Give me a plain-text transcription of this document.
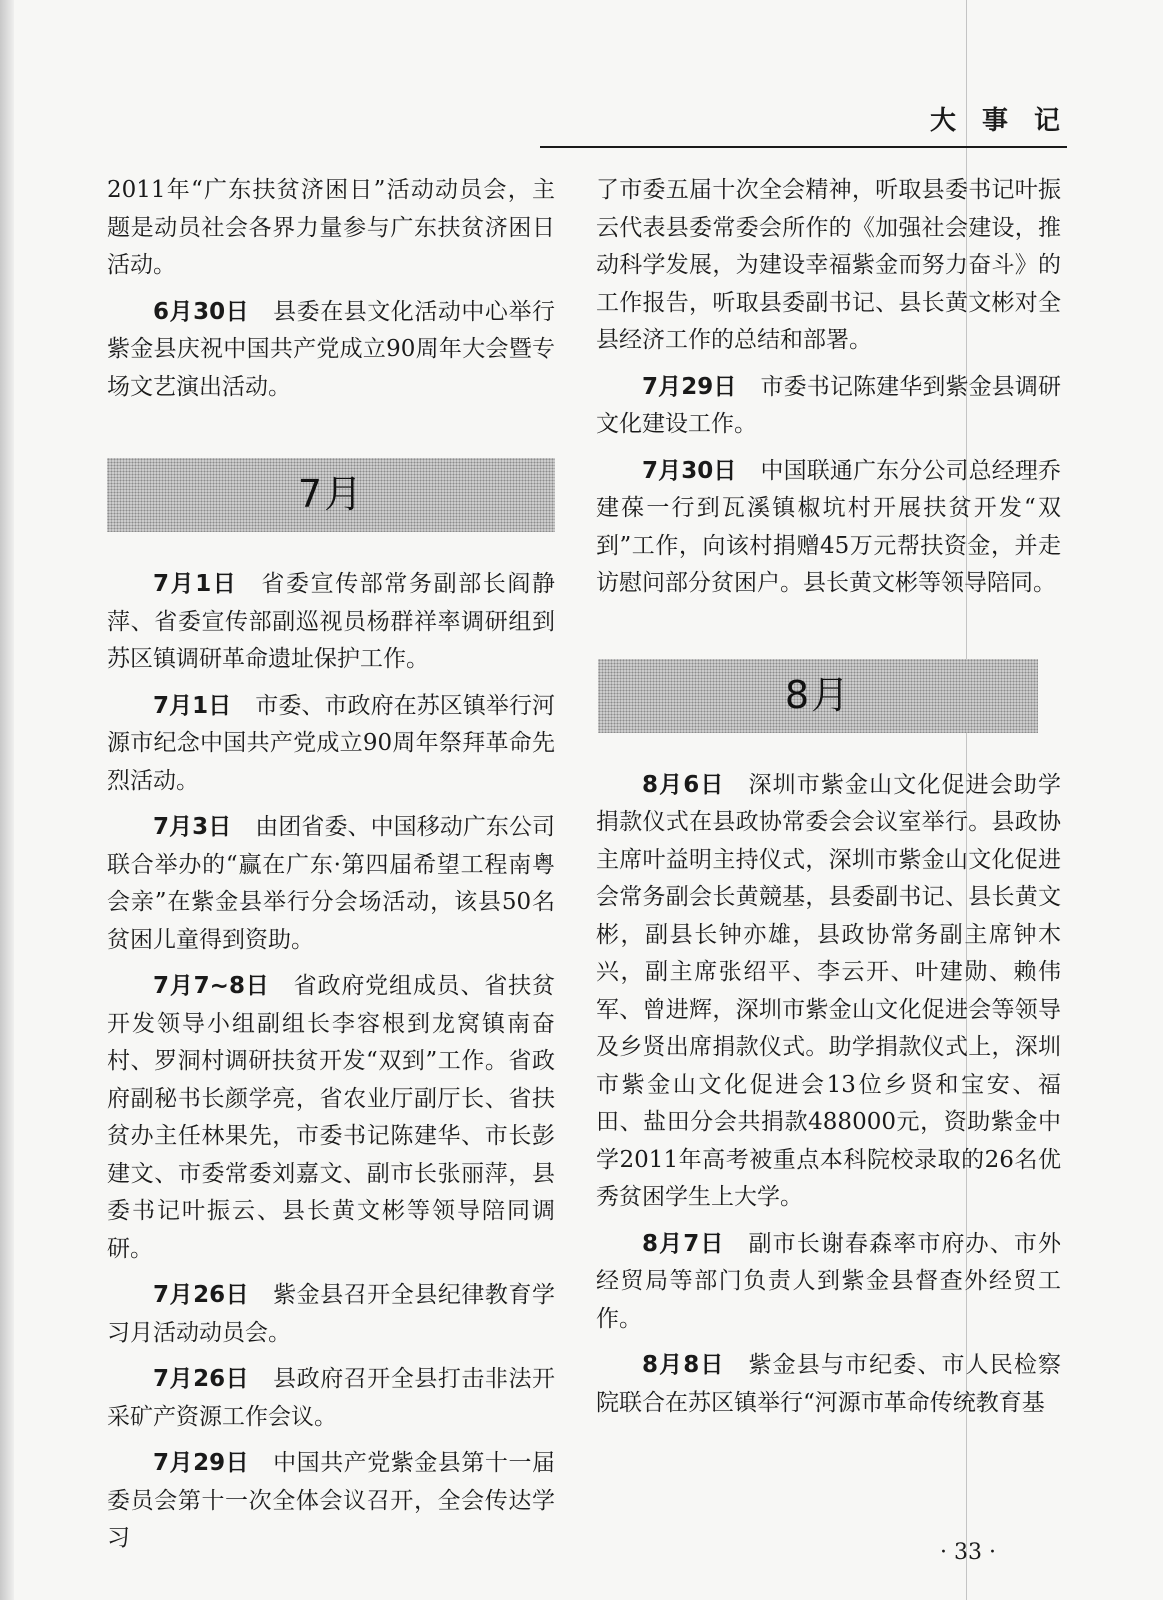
大事记

2011年“广东扶贫济困日”活动动员会，主题是动员社会各界力量参与广东扶贫济困日活动。

6月30日 县委在县文化活动中心举行紫金县庆祝中国共产党成立90周年大会暨专场文艺演出活动。

7月

7月1日 省委宣传部常务副部长阎静萍、省委宣传部副巡视员杨群祥率调研组到苏区镇调研革命遗址保护工作。

7月1日 市委、市政府在苏区镇举行河源市纪念中国共产党成立90周年祭拜革命先烈活动。

7月3日 由团省委、中国移动广东公司联合举办的“赢在广东·第四届希望工程南粤会亲”在紫金县举行分会场活动，该县50名贫困儿童得到资助。

7月7~8日 省政府党组成员、省扶贫开发领导小组副组长李容根到龙窝镇南奋村、罗洞村调研扶贫开发“双到”工作。省政府副秘书长颜学亮，省农业厅副厅长、省扶贫办主任林果先，市委书记陈建华、市长彭建文、市委常委刘嘉文、副市长张丽萍，县委书记叶振云、县长黄文彬等领导陪同调研。

7月26日 紫金县召开全县纪律教育学习月活动动员会。

7月26日 县政府召开全县打击非法开采矿产资源工作会议。

7月29日 中国共产党紫金县第十一届委员会第十一次全体会议召开，全会传达学习

了市委五届十次全会精神，听取县委书记叶振云代表县委常委会所作的《加强社会建设，推动科学发展，为建设幸福紫金而努力奋斗》的工作报告，听取县委副书记、县长黄文彬对全县经济工作的总结和部署。

7月29日 市委书记陈建华到紫金县调研文化建设工作。

7月30日 中国联通广东分公司总经理乔建葆一行到瓦溪镇椒坑村开展扶贫开发“双到”工作，向该村捐赠45万元帮扶资金，并走访慰问部分贫困户。县长黄文彬等领导陪同。

8月

8月6日 深圳市紫金山文化促进会助学捐款仪式在县政协常委会会议室举行。县政协主席叶益明主持仪式，深圳市紫金山文化促进会常务副会长黄競基，县委副书记、县长黄文彬，副县长钟亦雄，县政协常务副主席钟木兴，副主席张绍平、李云开、叶建勋、赖伟军、曾进辉，深圳市紫金山文化促进会等领导及乡贤出席捐款仪式。助学捐款仪式上，深圳市紫金山文化促进会13位乡贤和宝安、福田、盐田分会共捐款488000元，资助紫金中学2011年高考被重点本科院校录取的26名优秀贫困学生上大学。

8月7日 副市长谢春森率市府办、市外经贸局等部门负责人到紫金县督查外经贸工作。

8月8日 紫金县与市纪委、市人民检察院联合在苏区镇举行“河源市革命传统教育基

· 33 ·
